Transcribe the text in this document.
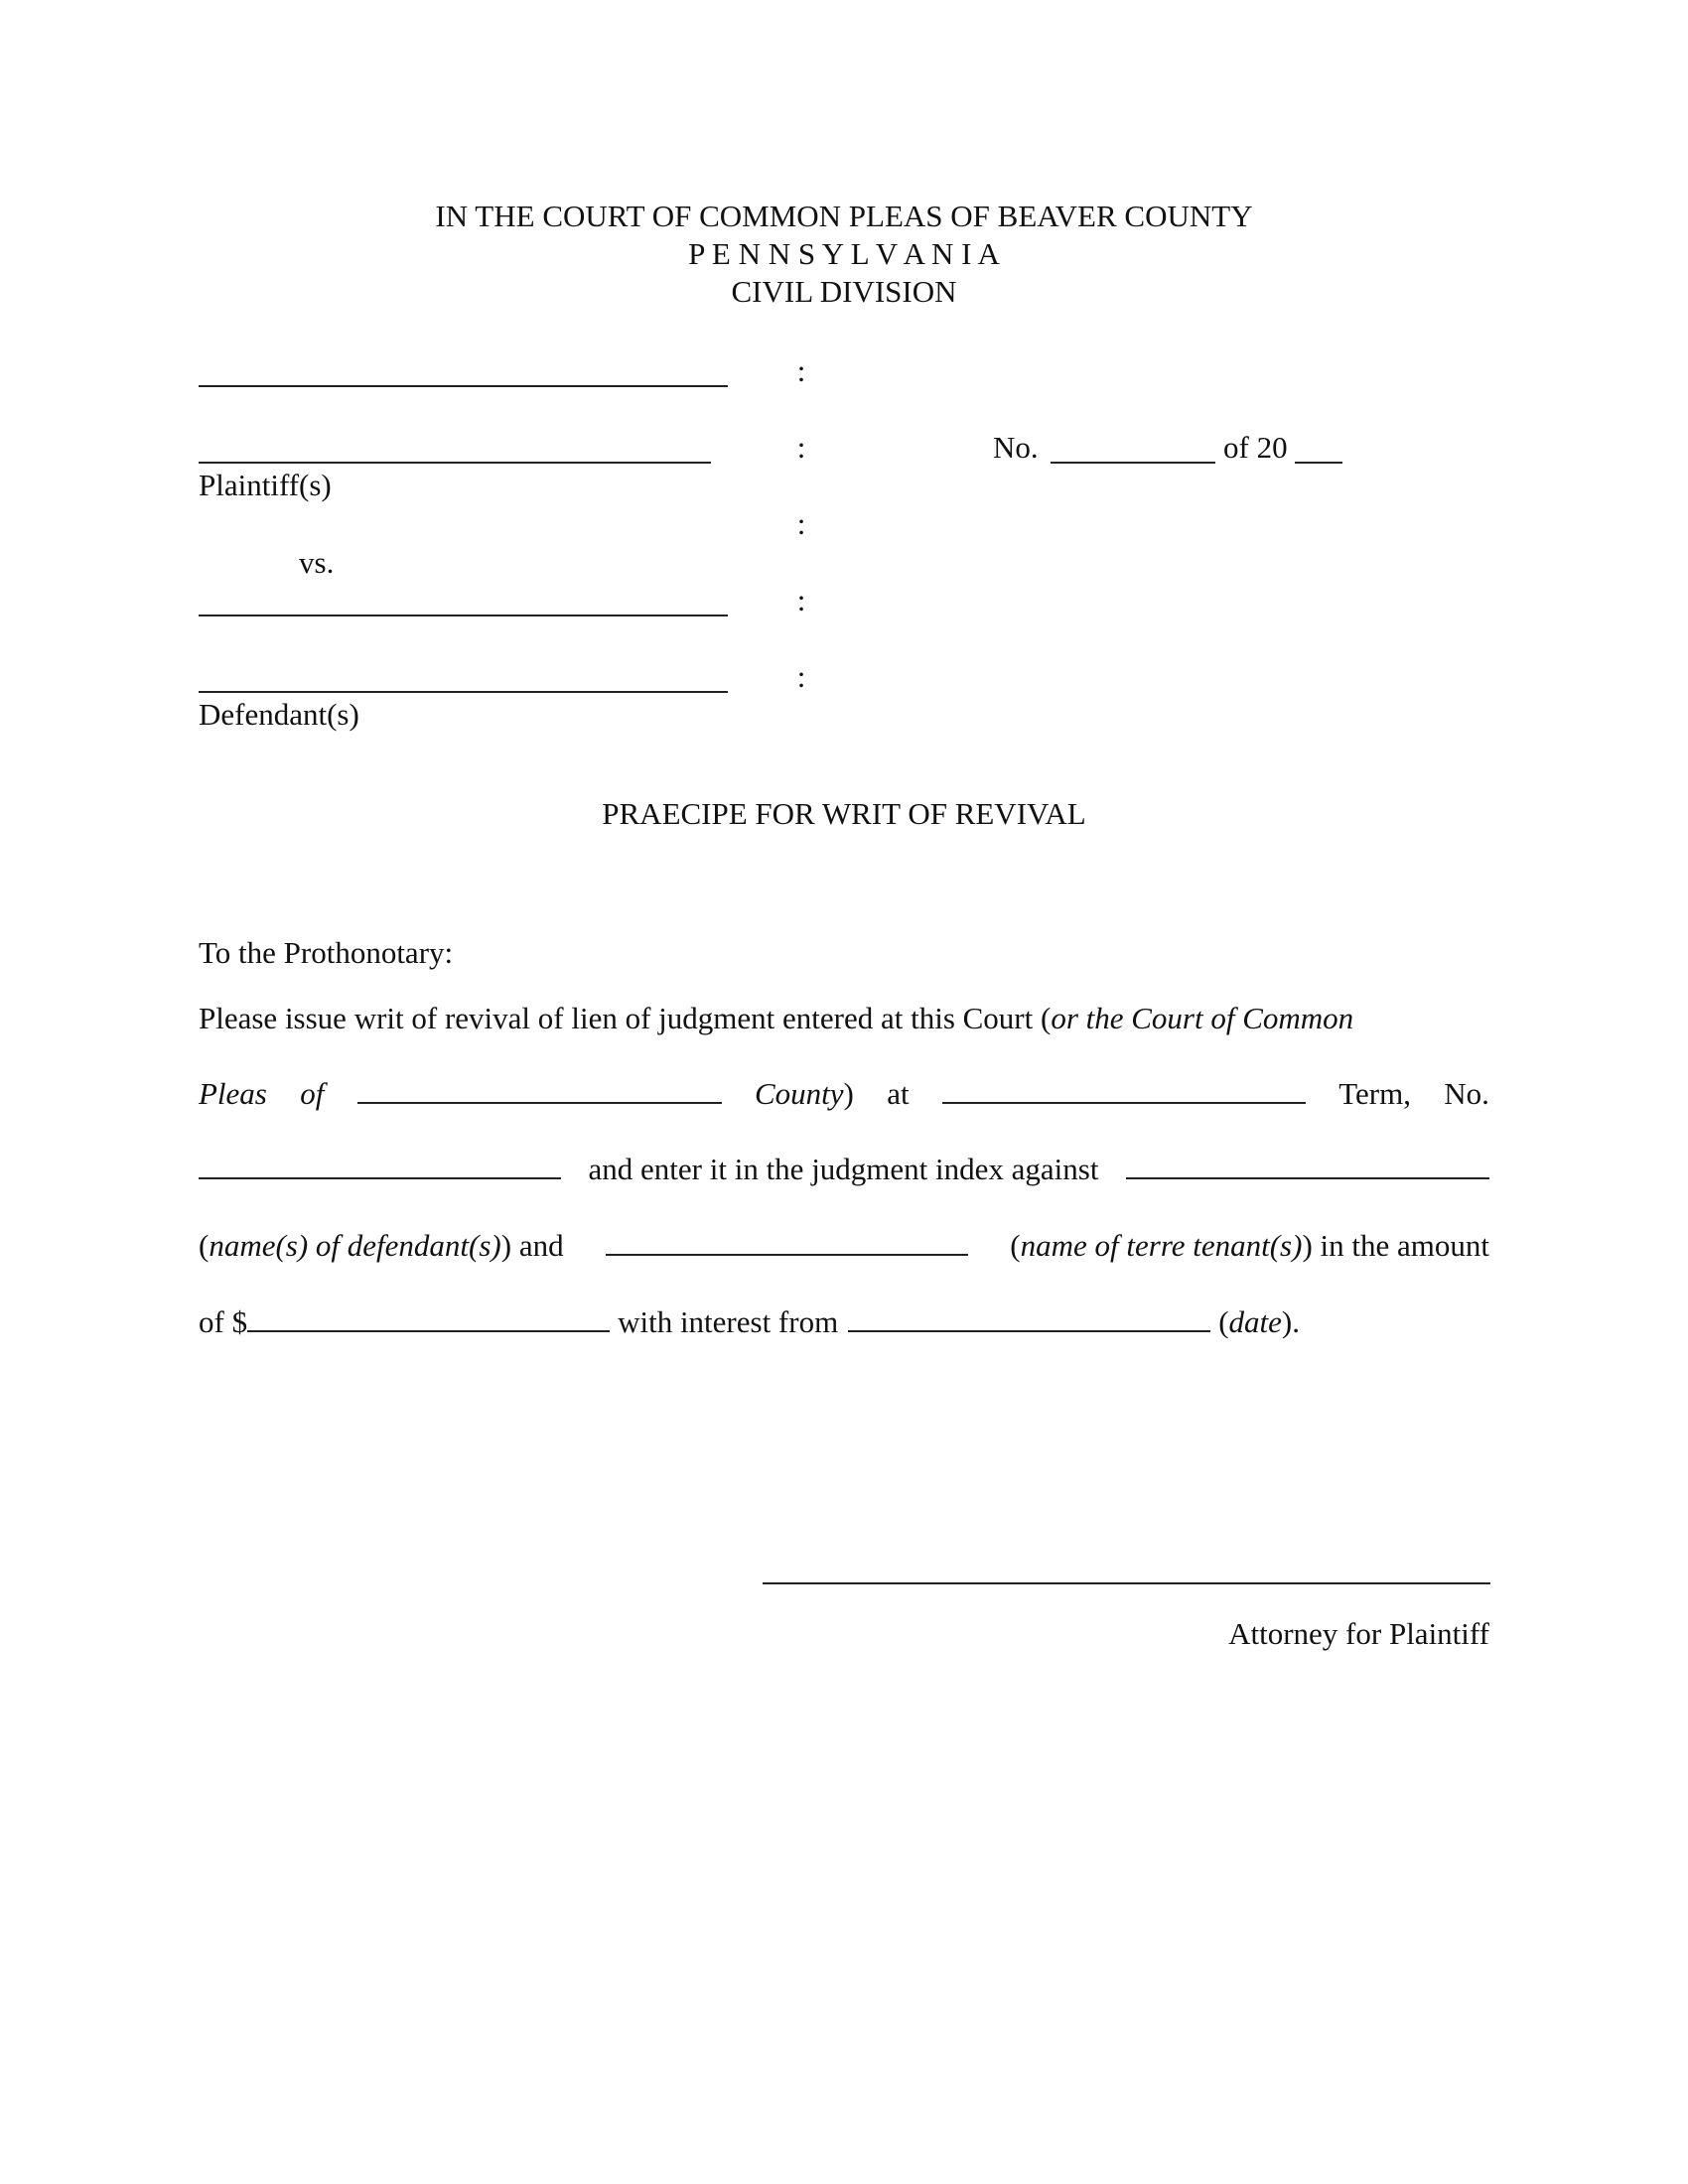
IN THE COURT OF COMMON PLEAS OF BEAVER COUNTY
P E N N S Y L V A N I A
CIVIL DIVISION
:
:	No.	of 20
Plaintiff(s)
:
vs.
:
:
Defendant(s)
PRAECIPE FOR WRIT OF REVIVAL
To the Prothonotary:
Please issue writ of revival of lien of judgment entered at this Court (or the Court of Common
Pleas of	County) at	Term, No.
and enter it in the judgment index against
(name(s) of defendant(s)) and	(name of terre tenant(s)) in the amount
of $	with interest from	(date).
Attorney for Plaintiff
